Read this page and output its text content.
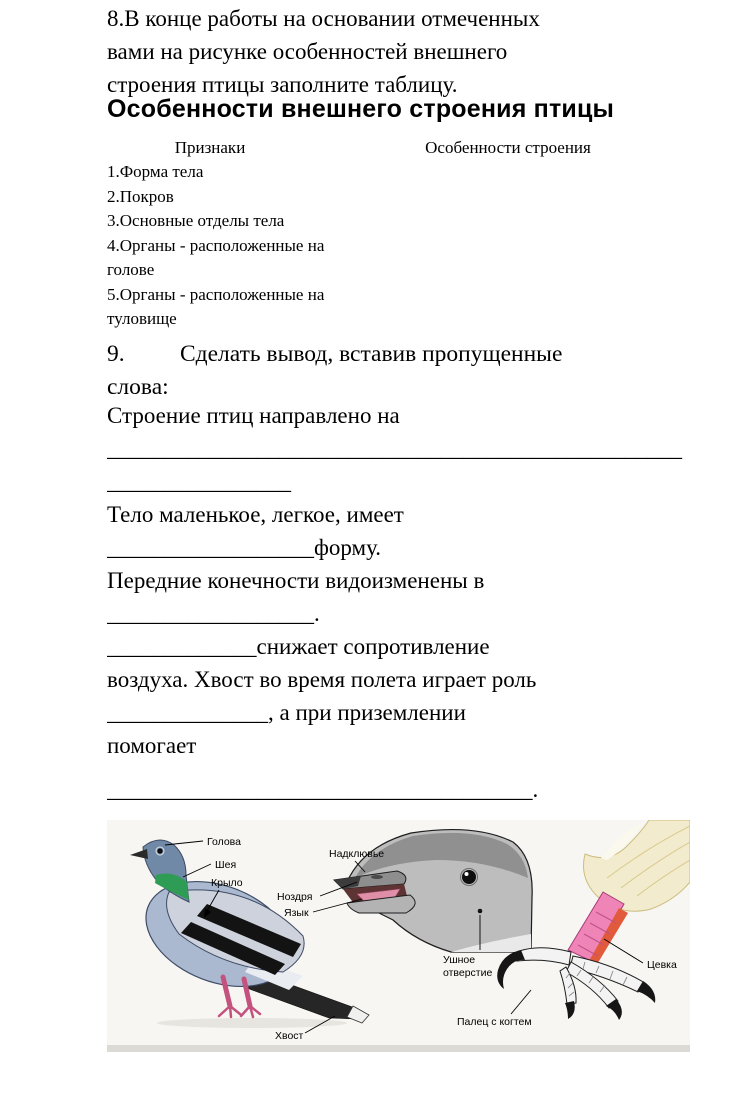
8.В конце работы на основании отмеченных
вами на рисунке особенностей внешнего
строения птицы заполните таблицу.
Особенности внешнего строения птицы
Признаки	Особенности строения
1.Форма тела
2.Покров
3.Основные отделы тела
4.Органы - расположенные на голове
5.Органы - расположенные на туловище
9. Сделать вывод, вставив пропущенные
слова:
Строение птиц направлено на
__________________________________________________
________________
Тело маленькое, легкое, имеет
__________________форму.
Передние конечности видоизменены в
__________________.
_____________снижает сопротивление
воздуха. Хвост во время полета играет роль
______________, а при приземлении
помогает
_____________________________________.
Голова
Шея
Крыло
Хвост
Надклювье
Ноздря
Язык
Ушное
отверстие
Цевка
Палец с когтем
